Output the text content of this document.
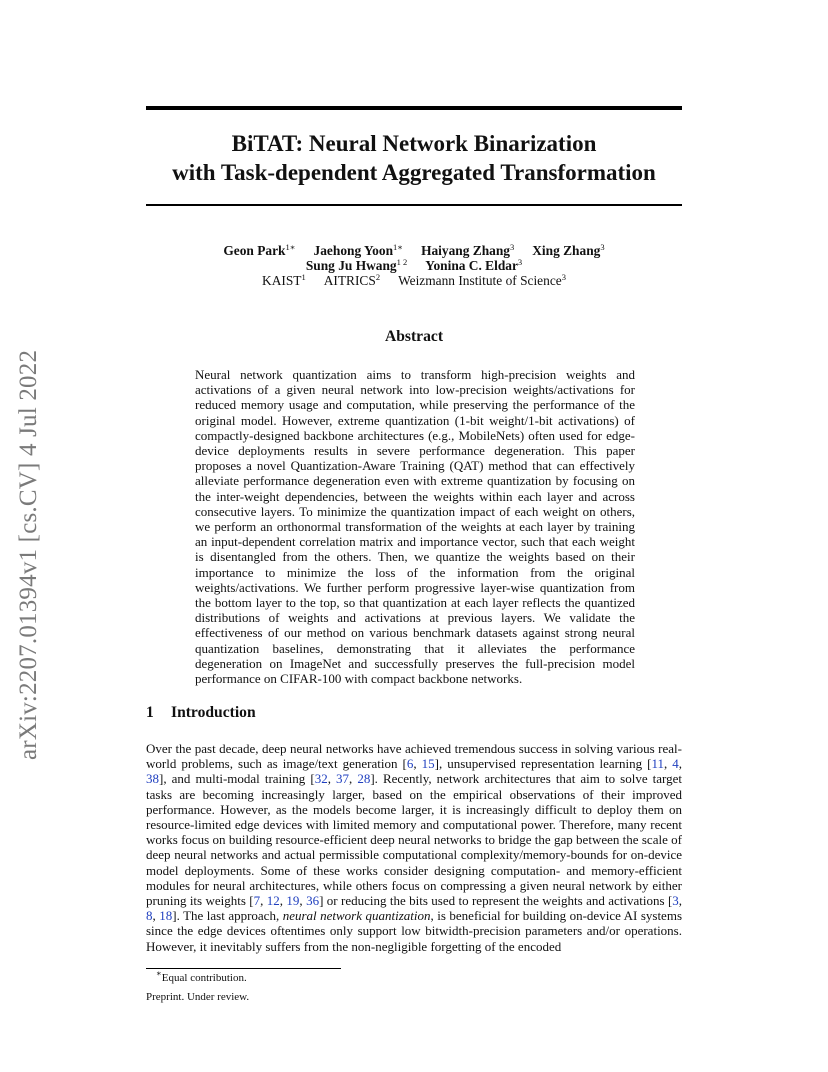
arXiv:2207.01394v1 [cs.CV] 4 Jul 2022
BiTAT: Neural Network Binarization
with Task-dependent Aggregated Transformation
Geon Park$^{1∗}$ Jaehong Yoon$^{1∗}$ Haiyang Zhang$^3$ Xing Zhang$^3$
Sung Ju Hwang$^{1 2}$ Yonina C. Eldar$^3$
KAIST$^1$ AITRICS$^2$ Weizmann Institute of Science$^3$
Abstract

Neural network quantization aims to transform high-precision weights and activations of a given neural network into low-precision weights/activations for reduced memory usage and computation, while preserving the performance of the original model. However, extreme quantization (1-bit weight/1-bit activations) of compactly-designed backbone architectures (e.g., MobileNets) often used for edge-device deployments results in severe performance degeneration. This paper proposes a novel Quantization-Aware Training (QAT) method that can effectively alleviate performance degeneration even with extreme quantization by focusing on the inter-weight dependencies, between the weights within each layer and across consecutive layers. To minimize the quantization impact of each weight on others, we perform an orthonormal transformation of the weights at each layer by training an input-dependent correlation matrix and importance vector, such that each weight is disentangled from the others. Then, we quantize the weights based on their importance to minimize the loss of the information from the original weights/activations. We further perform progressive layer-wise quantization from the bottom layer to the top, so that quantization at each layer reflects the quantized distributions of weights and activations at previous layers. We validate the effectiveness of our method on various benchmark datasets against strong neural quantization baselines, demonstrating that it alleviates the performance degeneration on ImageNet and successfully preserves the full-precision model performance on CIFAR-100 with compact backbone networks.

1 Introduction

Over the past decade, deep neural networks have achieved tremendous success in solving various real-world problems, such as image/text generation [6, 15], unsupervised representation learning [11, 4, 38], and multi-modal training [32, 37, 28]. Recently, network architectures that aim to solve target tasks are becoming increasingly larger, based on the empirical observations of their improved performance. However, as the models become larger, it is increasingly difficult to deploy them on resource-limited edge devices with limited memory and computational power. Therefore, many recent works focus on building resource-efficient deep neural networks to bridge the gap between the scale of deep neural networks and actual permissible computational complexity/memory-bounds for on-device model deployments. Some of these works consider designing computation- and memory-efficient modules for neural architectures, while others focus on compressing a given neural network by either pruning its weights [7, 12, 19, 36] or reducing the bits used to represent the weights and activations [3, 8, 18]. The last approach, neural network quantization, is beneficial for building on-device AI systems since the edge devices oftentimes only support low bitwidth-precision parameters and/or operations. However, it inevitably suffers from the non-negligible forgetting of the encoded

∗Equal contribution.
Preprint. Under review.
